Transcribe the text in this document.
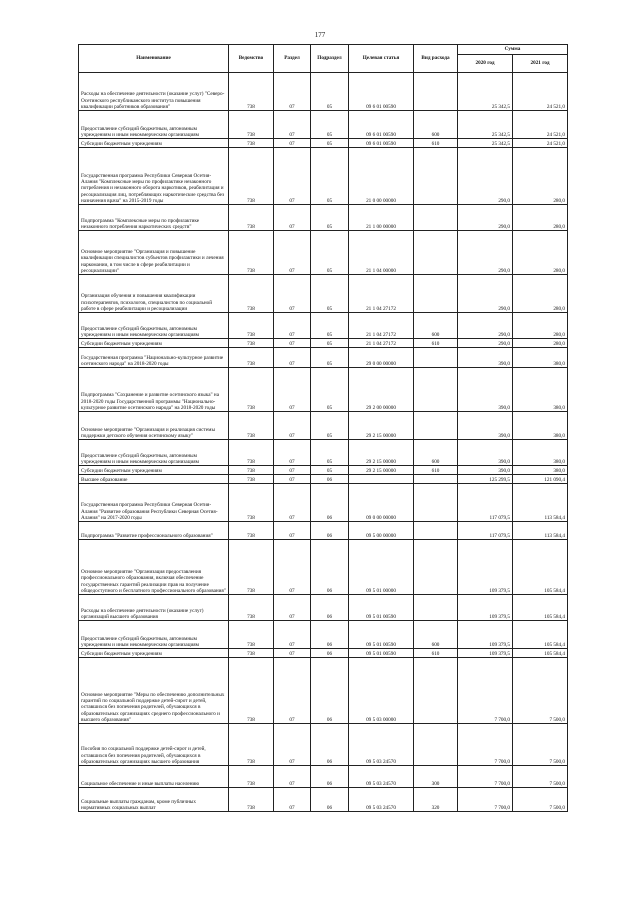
177
Наименование	Ведомство	Раздел	Подраздел	Целевая статья	Вид расхода	Сумма	
						2020 год	2021 год
Расходы на обеспечение деятельности (оказание услуг) "Северо-Осетинского республиканского института повышения квалификации работников образования"	738	07	05	09 6 01 00590		25 342,5	24 521,0
Предоставление субсидий бюджетным, автономным учреждениям и иным некоммерческим организациям	738	07	05	09 6 01 00590	600	25 342,5	24 521,0
Субсидии бюджетным учреждениям	738	07	05	09 6 01 00590	610	25 342,5	24 521,0
Государственная программа Республики Северная Осетия-Алания "Комплексные меры по профилактике незаконного потребления и незаконного оборота наркотиков, реабилитация и ресоциализация лиц, потребляющих наркотические средства без назначения врача" на 2015-2019 годы	738	07	05	21 0 00 00000		290,0	280,0
Подпрограмма "Комплексные меры по профилактике незаконного потребления наркотических средств"	738	07	05	21 1 00 00000		290,0	280,0
Основное мероприятие "Организация и повышение квалификации специалистов субъектов профилактики и лечения наркомании, в том числе в сфере реабилитации и ресоциализации"	738	07	05	21 1 04 00000		290,0	280,0
Организация обучения и повышения квалификации психотерапевтов, психологов, специалистов по социальной работе в сфере реабилитации и ресоциализации	738	07	05	21 1 04 27172		290,0	280,0
Предоставление субсидий бюджетным, автономным учреждениям и иным некоммерческим организациям	738	07	05	21 1 04 27172	600	290,0	280,0
Субсидии бюджетным учреждениям	738	07	05	21 1 04 27172	610	290,0	280,0
Государственная программа "Национально-культурное развитие осетинского народа" на 2018-2020 годы	738	07	05	29 0 00 00000		390,0	380,0
Подпрограмма "Сохранение и развитие осетинского языка" на 2018-2020 годы Государственной программы "Национально-культурное развитие осетинского народа" на 2018-2020 годы	738	07	05	29 2 00 00000		390,0	380,0
Основное мероприятие "Организация и реализация системы поддержки детского обучения осетинскому языку"	738	07	05	29 2 15 00000		390,0	380,0
Предоставление субсидий бюджетным, автономным учреждениям и иным некоммерческим организациям	738	07	05	29 2 15 00000	600	390,0	380,0
Субсидии бюджетным учреждениям	738	07	05	29 2 15 00000	610	390,0	380,0
Высшее образование	738	07	06			125 299,5	121 090,4
Государственная программа Республики Северная Осетия-Алания "Развитие образования Республики Северная Осетия-Алания" на 2017-2020 годы	738	07	06	09 0 00 00000		117 079,5	113 584,4
Подпрограмма "Развитие профессионального образования"	738	07	06	09 5 00 00000		117 079,5	113 584,4
Основное мероприятие "Организация предоставления профессионального образования, включая обеспечение государственных гарантий реализации прав на получение общедоступного и бесплатного профессионального образования"	738	07	06	09 5 01 00000		109 379,5	105 584,4
Расходы на обеспечение деятельности (оказание услуг) организаций высшего образования	738	07	06	09 5 01 00590		109 379,5	105 584,4
Предоставление субсидий бюджетным, автономным учреждениям и иным некоммерческим организациям	738	07	06	09 5 01 00590	600	109 379,5	105 584,4
Субсидии бюджетным учреждениям	738	07	06	09 5 01 00590	610	109 379,5	105 584,4
Основное мероприятие "Меры по обеспечению дополнительных гарантий по социальной поддержке детей-сирот и детей, оставшихся без попечения родителей, обучающихся в образовательных организациях среднего профессионального и высшего образования"	738	07	06	09 5 03 00000		7 700,0	7 500,0
Пособия по социальной поддержке детей-сирот и детей, оставшихся без попечения родителей, обучающихся в образовательных организациях высшего образования	738	07	06	09 5 03 24570		7 700,0	7 500,0
Социальное обеспечение и иные выплаты населению	738	07	06	09 5 03 24570	300	7 700,0	7 500,0
Социальные выплаты гражданам, кроме публичных нормативных социальных выплат	738	07	06	09 5 03 24570	320	7 700,0	7 500,0
